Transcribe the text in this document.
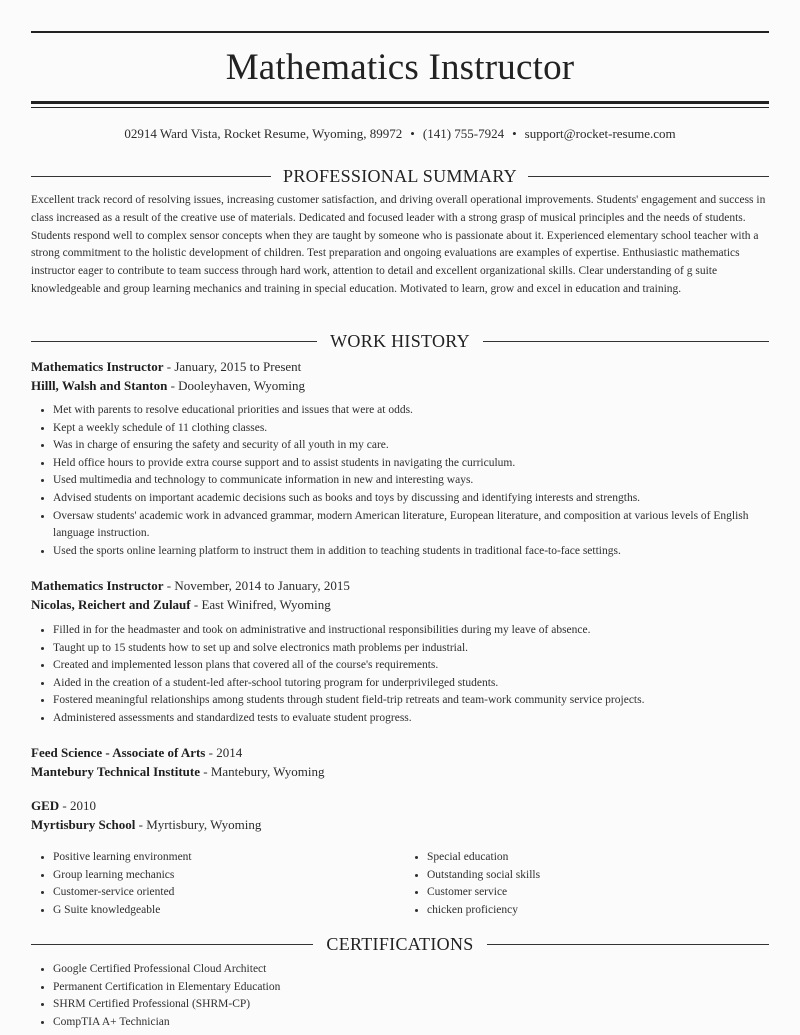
Mathematics Instructor
02914 Ward Vista, Rocket Resume, Wyoming, 89972 • (141) 755-7924 • support@rocket-resume.com
PROFESSIONAL SUMMARY

Excellent track record of resolving issues, increasing customer satisfaction, and driving overall operational improvements. Students' engagement and success in class increased as a result of the creative use of materials. Dedicated and focused leader with a strong grasp of musical principles and the needs of students. Students respond well to complex sensor concepts when they are taught by someone who is passionate about it. Experienced elementary school teacher with a strong commitment to the holistic development of children. Test preparation and ongoing evaluations are examples of expertise. Enthusiastic mathematics instructor eager to contribute to team success through hard work, attention to detail and excellent organizational skills. Clear understanding of g suite knowledgeable and group learning mechanics and training in special education. Motivated to learn, grow and excel in education and training.

WORK HISTORY
Mathematics Instructor - January, 2015 to Present
Hilll, Walsh and Stanton - Dooleyhaven, Wyoming
• Met with parents to resolve educational priorities and issues that were at odds.
• Kept a weekly schedule of 11 clothing classes.
• Was in charge of ensuring the safety and security of all youth in my care.
• Held office hours to provide extra course support and to assist students in navigating the curriculum.
• Used multimedia and technology to communicate information in new and interesting ways.
• Advised students on important academic decisions such as books and toys by discussing and identifying interests and strengths.
• Oversaw students' academic work in advanced grammar, modern American literature, European literature, and composition at various levels of English language instruction.
• Used the sports online learning platform to instruct them in addition to teaching students in traditional face-to-face settings.
Mathematics Instructor - November, 2014 to January, 2015
Nicolas, Reichert and Zulauf - East Winifred, Wyoming
• Filled in for the headmaster and took on administrative and instructional responsibilities during my leave of absence.
• Taught up to 15 students how to set up and solve electronics math problems per industrial.
• Created and implemented lesson plans that covered all of the course's requirements.
• Aided in the creation of a student-led after-school tutoring program for underprivileged students.
• Fostered meaningful relationships among students through student field-trip retreats and team-work community service projects.
• Administered assessments and standardized tests to evaluate student progress.
Feed Science - Associate of Arts - 2014
Mantebury Technical Institute - Mantebury, Wyoming
GED - 2010
Myrtisbury School - Myrtisbury, Wyoming
• Positive learning environment
• Group learning mechanics
• Customer-service oriented
• G Suite knowledgeable
• Special education
• Outstanding social skills
• Customer service
• chicken proficiency
CERTIFICATIONS
• Google Certified Professional Cloud Architect
• Permanent Certification in Elementary Education
• SHRM Certified Professional (SHRM-CP)
• CompTIA A+ Technician
